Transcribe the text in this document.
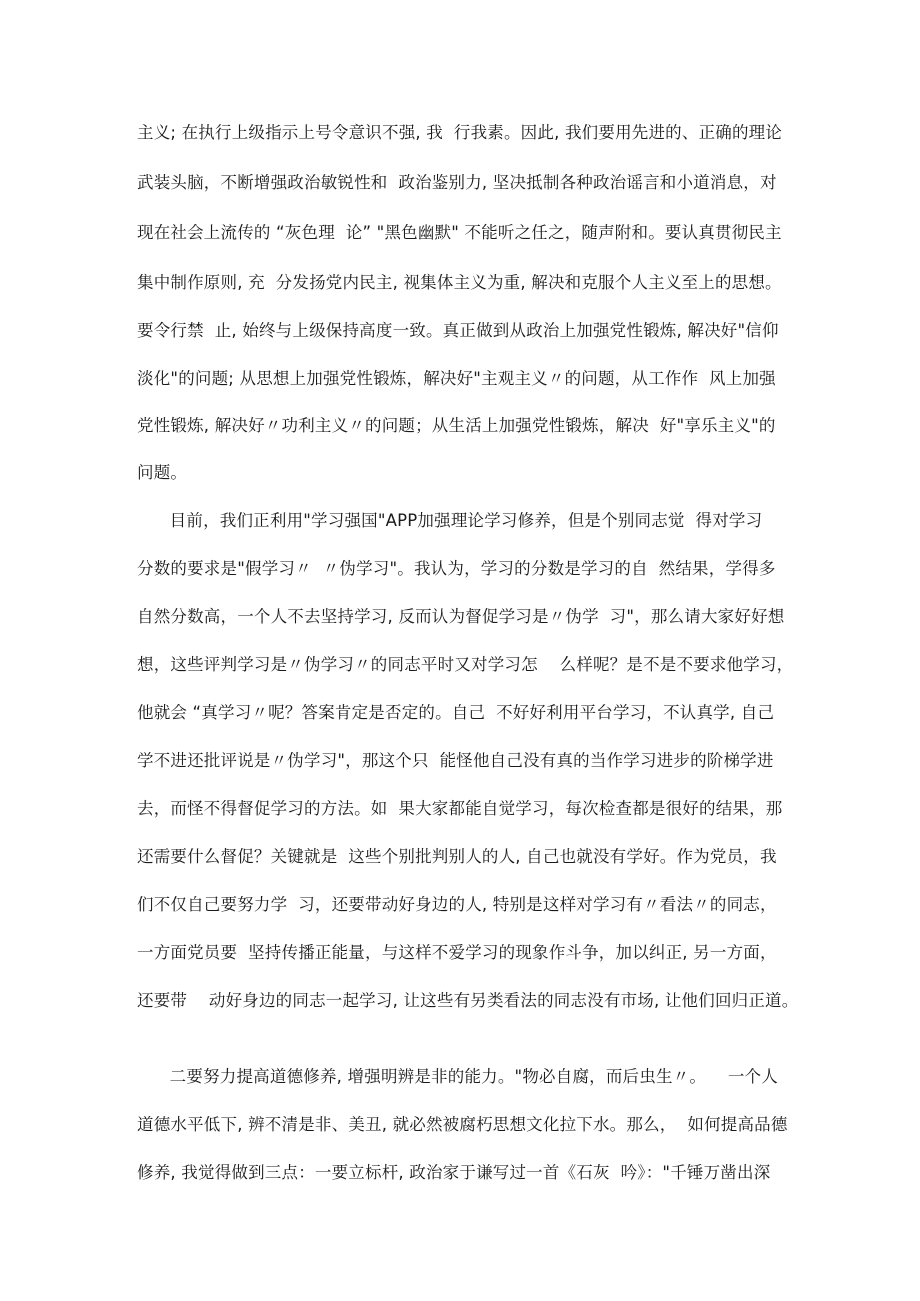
主义; 在执行上级指示上号令意识不强, 我  行我素。因此, 我们要用先进的、正确的理论
武装头脑，不断增强政治敏锐性和  政治鉴别力, 坚决抵制各种政治谣言和小道消息，对
现在社会上流传的 “灰色理  论” "黑色幽默" 不能听之任之，随声附和。要认真贯彻民主
集中制作原则, 充  分发扬党内民主, 视集体主义为重, 解决和克服个人主义至上的思想。
要令行禁  止, 始终与上级保持高度一致。真正做到从政治上加强党性锻炼, 解决好"信仰
淡化"的问题; 从思想上加强党性锻炼，解决好"主观主义〃的问题，从工作作  风上加强
党性锻炼, 解决好〃功利主义〃的问题；从生活上加强党性锻炼，解决  好"享乐主义"的
问题。
目前，我们正利用"学习强国"APP加强理论学习修养，但是个别同志觉  得对学习
分数的要求是"假学习〃  〃伪学习"。我认为，学习的分数是学习的自  然结果，学得多
自然分数高，一个人不去坚持学习, 反而认为督促学习是〃伪学  习"，那么请大家好好想
想，这些评判学习是〃伪学习〃的同志平时又对学习怎    么样呢？是不是不要求他学习，
他就会 “真学习〃呢？答案肯定是否定的。自己  不好好利用平台学习，不认真学, 自己
学不进还批评说是〃伪学习"，那这个只  能怪他自己没有真的当作学习进步的阶梯学进
去，而怪不得督促学习的方法。如  果大家都能自觉学习，每次检查都是很好的结果，那
还需要什么督促？关键就是  这些个别批判别人的人, 自己也就没有学好。作为党员，我
们不仅自己要努力学  习，还要带动好身边的人, 特别是这样对学习有〃看法〃的同志，
一方面党员要  坚持传播正能量，与这样不爱学习的现象作斗争，加以纠正, 另一方面，
还要带    动好身边的同志一起学习, 让这些有另类看法的同志没有市场, 让他们回归正道。
二要努力提高道德修养, 增强明辨是非的能力。"物必自腐，而后虫生〃。    一个人
道德水平低下, 辨不清是非、美丑, 就必然被腐朽思想文化拉下水。那么，  如何提高品德
修养, 我觉得做到三点：一要立标杆, 政治家于谦写过一首《石灰  吟》："千锤万凿出深
